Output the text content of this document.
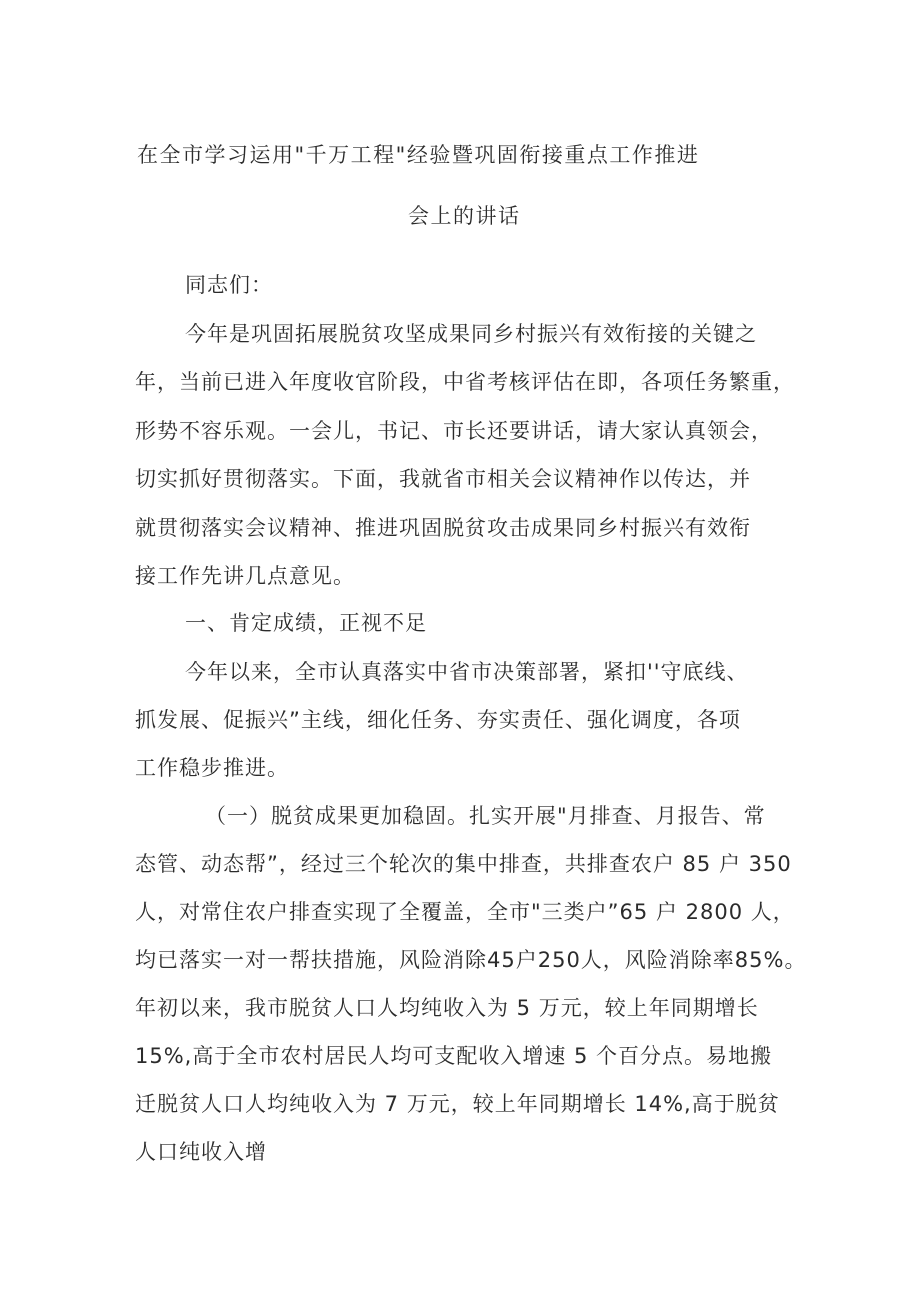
在全市学习运用"千万工程"经验暨巩固衔接重点工作推进
会上的讲话
同志们：
今年是巩固拓展脱贫攻坚成果同乡村振兴有效衔接的关键之
年，当前已进入年度收官阶段，中省考核评估在即，各项任务繁重，
形势不容乐观。一会儿，书记、市长还要讲话，请大家认真领会，
切实抓好贯彻落实。下面，我就省市相关会议精神作以传达，并
就贯彻落实会议精神、推进巩固脱贫攻击成果同乡村振兴有效衔
接工作先讲几点意见。
一、肯定成绩，正视不足
今年以来，全市认真落实中省市决策部署，紧扣''守底线、
抓发展、促振兴”主线，细化任务、夯实责任、强化调度，各项
工作稳步推进。
（一）脱贫成果更加稳固。扎实开展"月排查、月报告、常
态管、动态帮”，经过三个轮次的集中排查，共排查农户 85 户 350
人，对常住农户排查实现了全覆盖，全市"三类户”65 户 2800 人，
均已落实一对一帮扶措施，风险消除45户250人，风险消除率85%。
年初以来，我市脱贫人口人均纯收入为 5 万元，较上年同期增长
15%,高于全市农村居民人均可支配收入增速 5 个百分点。易地搬
迁脱贫人口人均纯收入为 7 万元，较上年同期增长 14%,高于脱贫
人口纯收入增
